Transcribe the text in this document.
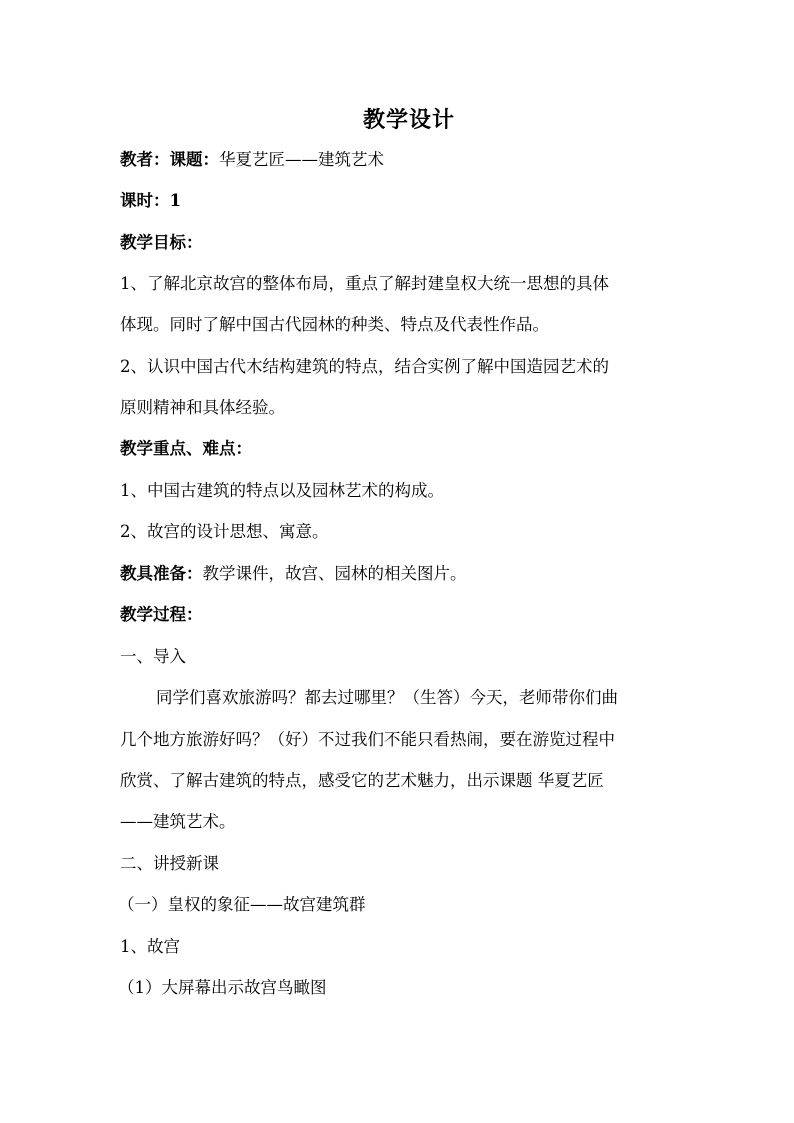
教学设计
教者：课题：华夏艺匠——建筑艺术
课时：1
教学目标：
1、了解北京故宫的整体布局，重点了解封建皇权大统一思想的具体
体现。同时了解中国古代园林的种类、特点及代表性作品。
2、认识中国古代木结构建筑的特点，结合实例了解中国造园艺术的
原则精神和具体经验。
教学重点、难点：
1、中国古建筑的特点以及园林艺术的构成。
2、故宫的设计思想、寓意。
教具准备：教学课件，故宫、园林的相关图片。
教学过程：
一、导入
同学们喜欢旅游吗？都去过哪里？（生答）今天，老师带你们曲
几个地方旅游好吗？（好）不过我们不能只看热闹，要在游览过程中
欣赏、了解古建筑的特点，感受它的艺术魅力，出示课题 华夏艺匠
——建筑艺术。
二、讲授新课
（一）皇权的象征——故宫建筑群
1、故宫
（1）大屏幕出示故宫鸟瞰图
